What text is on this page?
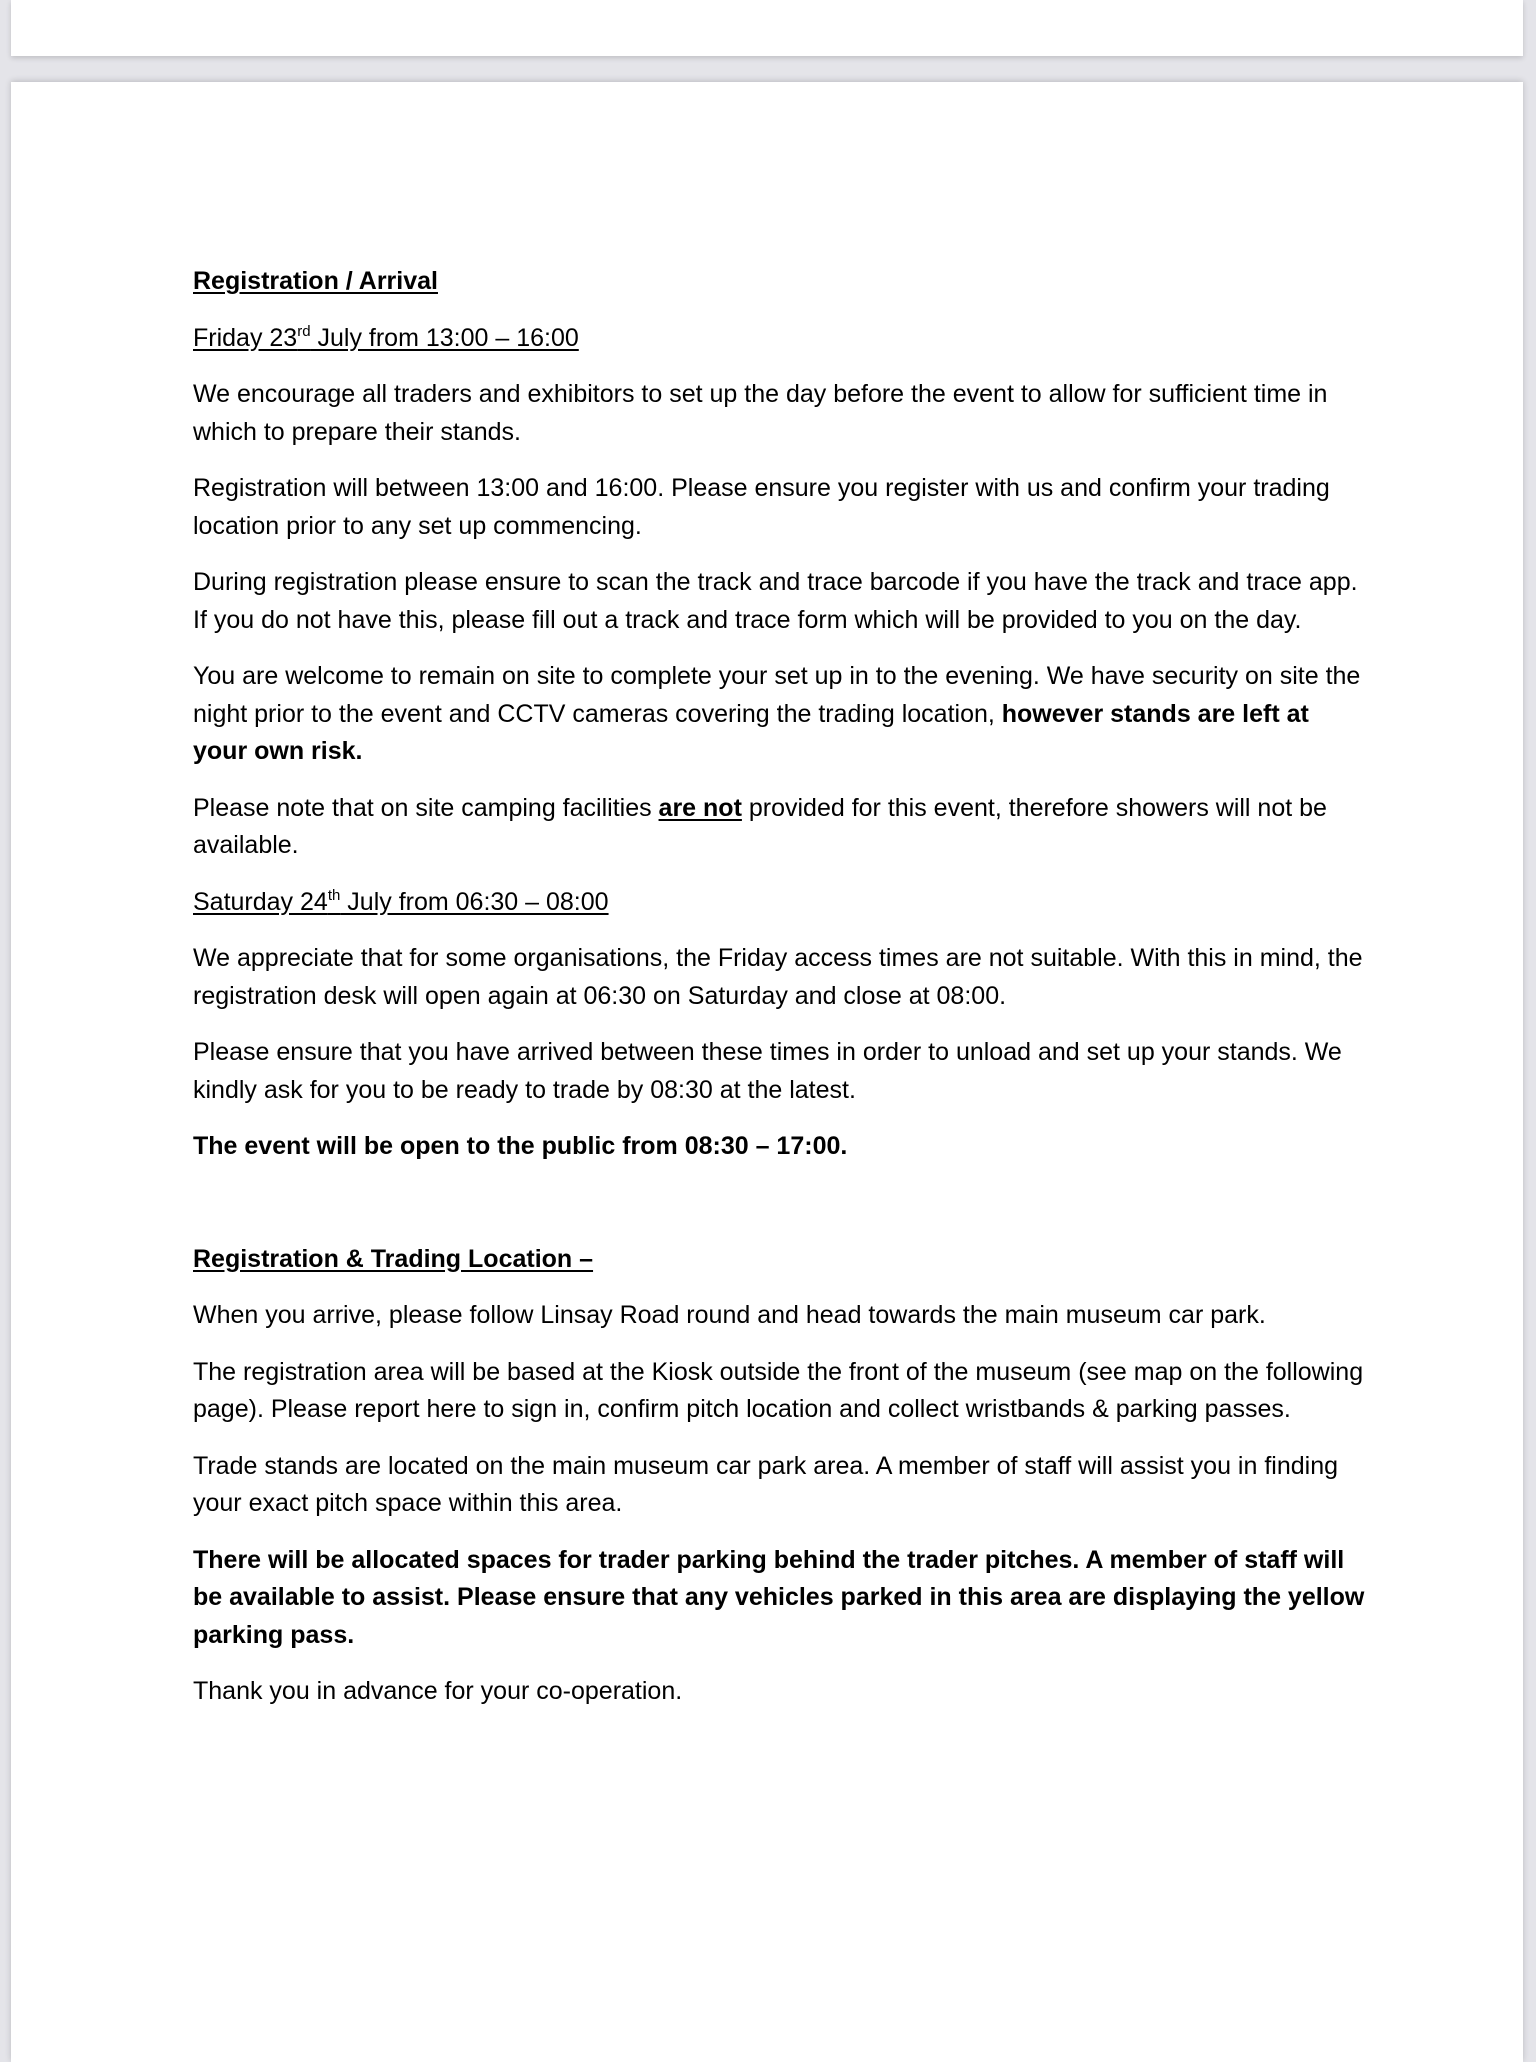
Registration / Arrival

Friday 23rd July from 13:00 – 16:00

We encourage all traders and exhibitors to set up the day before the event to allow for sufficient time in which to prepare their stands.

Registration will between 13:00 and 16:00. Please ensure you register with us and confirm your trading location prior to any set up commencing.

During registration please ensure to scan the track and trace barcode if you have the track and trace app. If you do not have this, please fill out a track and trace form which will be provided to you on the day.

You are welcome to remain on site to complete your set up in to the evening. We have security on site the night prior to the event and CCTV cameras covering the trading location, however stands are left at your own risk.

Please note that on site camping facilities are not provided for this event, therefore showers will not be available.

Saturday 24th July from 06:30 – 08:00

We appreciate that for some organisations, the Friday access times are not suitable. With this in mind, the registration desk will open again at 06:30 on Saturday and close at 08:00.

Please ensure that you have arrived between these times in order to unload and set up your stands. We kindly ask for you to be ready to trade by 08:30 at the latest.

The event will be open to the public from 08:30 – 17:00.

Registration & Trading Location –

When you arrive, please follow Linsay Road round and head towards the main museum car park.

The registration area will be based at the Kiosk outside the front of the museum (see map on the following page). Please report here to sign in, confirm pitch location and collect wristbands & parking passes.

Trade stands are located on the main museum car park area. A member of staff will assist you in finding your exact pitch space within this area.

There will be allocated spaces for trader parking behind the trader pitches. A member of staff will be available to assist. Please ensure that any vehicles parked in this area are displaying the yellow parking pass.

Thank you in advance for your co-operation.
